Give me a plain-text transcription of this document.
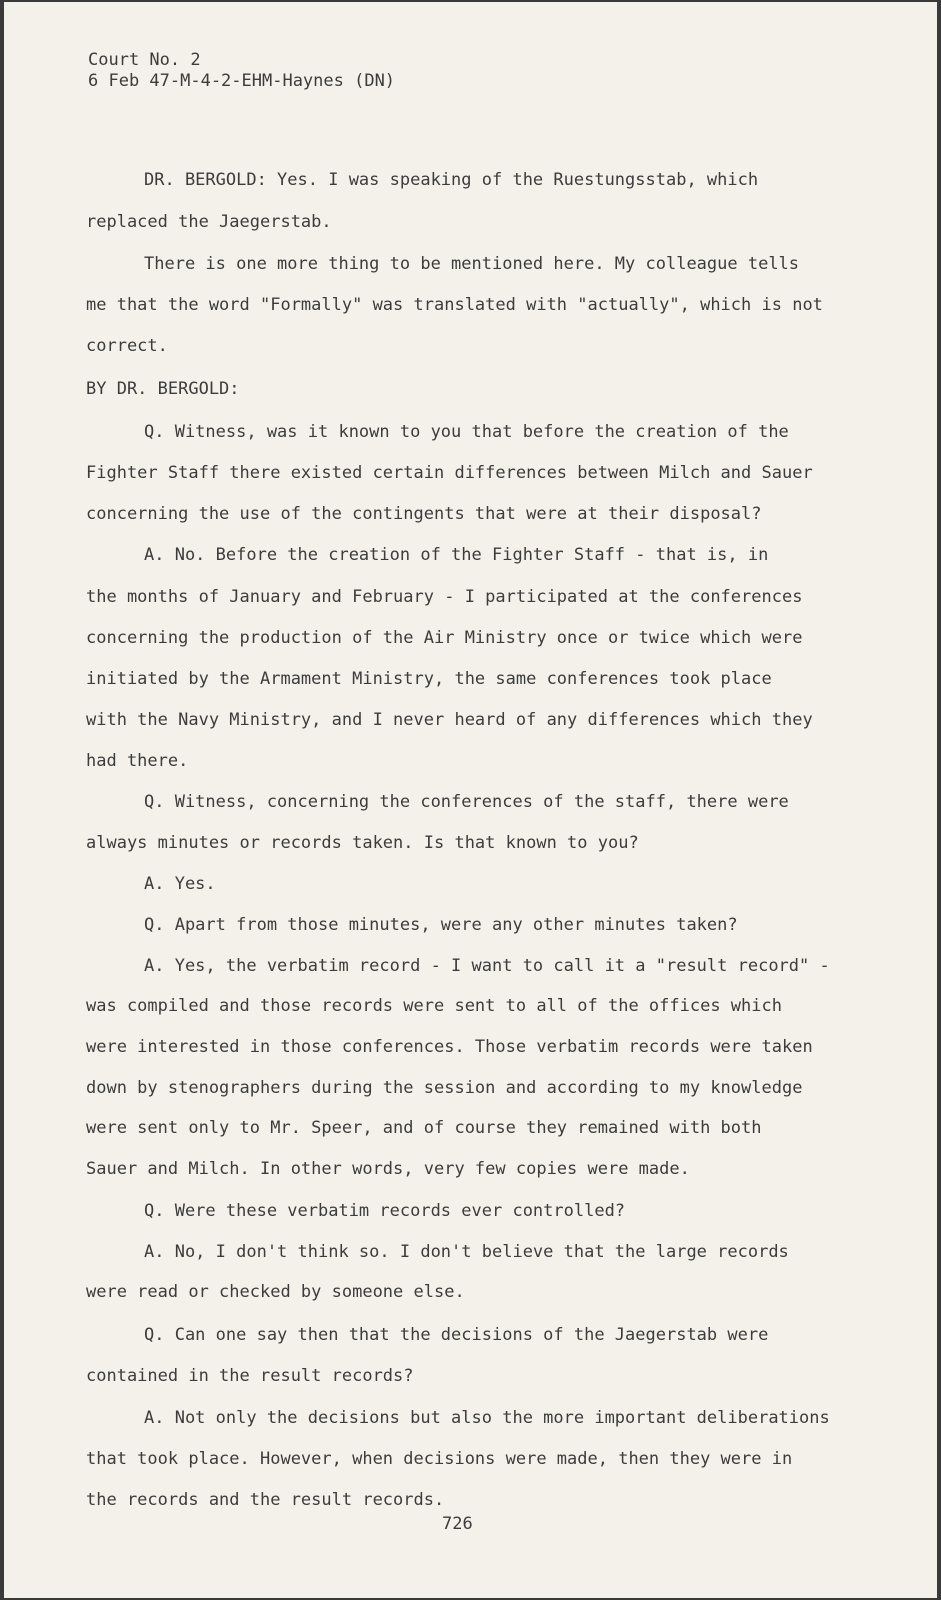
Court No. 2
6 Feb 47-M-4-2-EHM-Haynes (DN)
DR. BERGOLD: Yes. I was speaking of the Ruestungsstab, which
replaced the Jaegerstab.
There is one more thing to be mentioned here. My colleague tells
me that the word "Formally" was translated with "actually", which is not
correct.
BY DR. BERGOLD:
Q. Witness, was it known to you that before the creation of the
Fighter Staff there existed certain differences between Milch and Sauer
concerning the use of the contingents that were at their disposal?
A. No. Before the creation of the Fighter Staff - that is, in
the months of January and February - I participated at the conferences
concerning the production of the Air Ministry once or twice which were
initiated by the Armament Ministry, the same conferences took place
with the Navy Ministry, and I never heard of any differences which they
had there.
Q. Witness, concerning the conferences of the staff, there were
always minutes or records taken. Is that known to you?
A. Yes.
Q. Apart from those minutes, were any other minutes taken?
A. Yes, the verbatim record - I want to call it a "result record" -
was compiled and those records were sent to all of the offices which
were interested in those conferences. Those verbatim records were taken
down by stenographers during the session and according to my knowledge
were sent only to Mr. Speer, and of course they remained with both
Sauer and Milch. In other words, very few copies were made.
Q. Were these verbatim records ever controlled?
A. No, I don't think so. I don't believe that the large records
were read or checked by someone else.
Q. Can one say then that the decisions of the Jaegerstab were
contained in the result records?
A. Not only the decisions but also the more important deliberations
that took place. However, when decisions were made, then they were in
the records and the result records.
726
